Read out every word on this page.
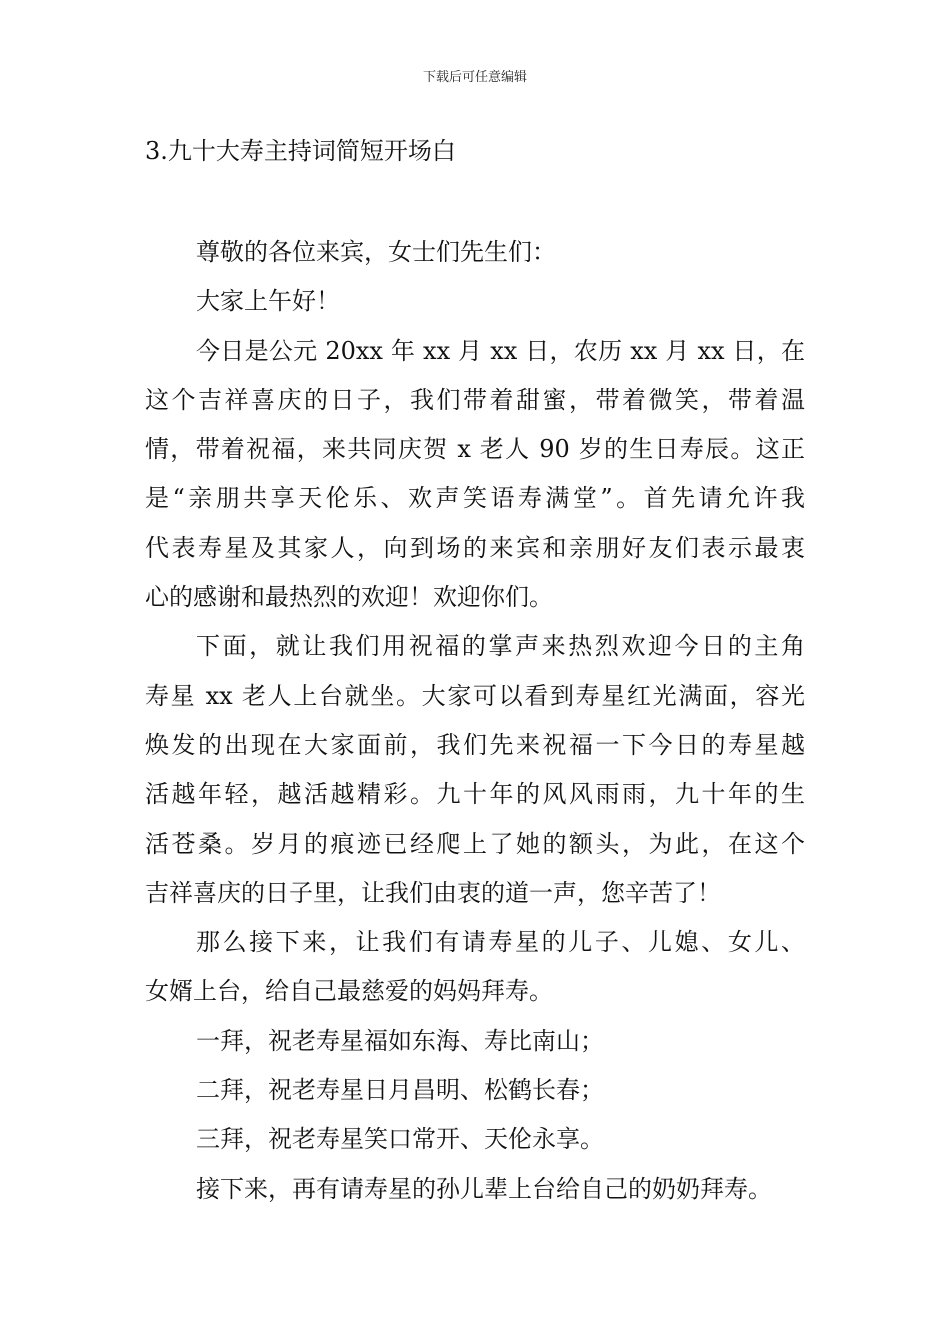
下载后可任意编辑
3.九十大寿主持词简短开场白
尊敬的各位来宾，女士们先生们：
大家上午好！
今日是公元 20xx 年 xx 月 xx 日，农历 xx 月 xx 日，在
这个吉祥喜庆的日子，我们带着甜蜜，带着微笑，带着温
情，带着祝福，来共同庆贺 x 老人 90 岁的生日寿辰。这正
是“亲朋共享天伦乐、欢声笑语寿满堂”。首先请允许我
代表寿星及其家人，向到场的来宾和亲朋好友们表示最衷
心的感谢和最热烈的欢迎！欢迎你们。
下面，就让我们用祝福的掌声来热烈欢迎今日的主角
寿星 xx 老人上台就坐。大家可以看到寿星红光满面，容光
焕发的出现在大家面前，我们先来祝福一下今日的寿星越
活越年轻，越活越精彩。九十年的风风雨雨，九十年的生
活苍桑。岁月的痕迹已经爬上了她的额头，为此，在这个
吉祥喜庆的日子里，让我们由衷的道一声，您辛苦了！
那么接下来，让我们有请寿星的儿子、儿媳、女儿、
女婿上台，给自己最慈爱的妈妈拜寿。
一拜，祝老寿星福如东海、寿比南山；
二拜，祝老寿星日月昌明、松鹤长春；
三拜，祝老寿星笑口常开、天伦永享。
接下来，再有请寿星的孙儿辈上台给自己的奶奶拜寿。
